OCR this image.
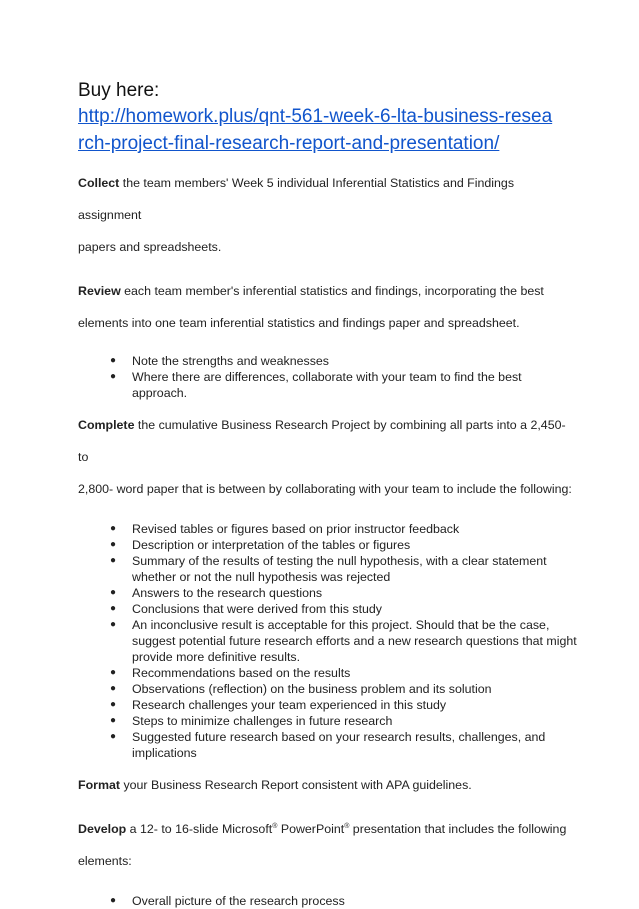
Buy here:

http://homework.plus/qnt-561-week-6-lta-business-resea
rch-project-final-research-report-and-presentation/

Collect the team members' Week 5 individual Inferential Statistics and Findings assignment
papers and spreadsheets.

Review each team member's inferential statistics and findings, incorporating the best
elements into one team inferential statistics and findings paper and spreadsheet.

● Note the strengths and weaknesses
● Where there are differences, collaborate with your team to find the best approach.

Complete the cumulative Business Research Project by combining all parts into a 2,450- to
2,800- word paper that is between by collaborating with your team to include the following:

● Revised tables or figures based on prior instructor feedback
● Description or interpretation of the tables or figures
● Summary of the results of testing the null hypothesis, with a clear statement whether or not the null hypothesis was rejected
● Answers to the research questions
● Conclusions that were derived from this study
● An inconclusive result is acceptable for this project. Should that be the case, suggest potential future research efforts and a new research questions that might provide more definitive results.
● Recommendations based on the results
● Observations (reflection) on the business problem and its solution
● Research challenges your team experienced in this study
● Steps to minimize challenges in future research
● Suggested future research based on your research results, challenges, and implications

Format your Business Research Report consistent with APA guidelines.

Develop a 12- to 16-slide Microsoft® PowerPoint® presentation that includes the following
elements:

● Overall picture of the research process
